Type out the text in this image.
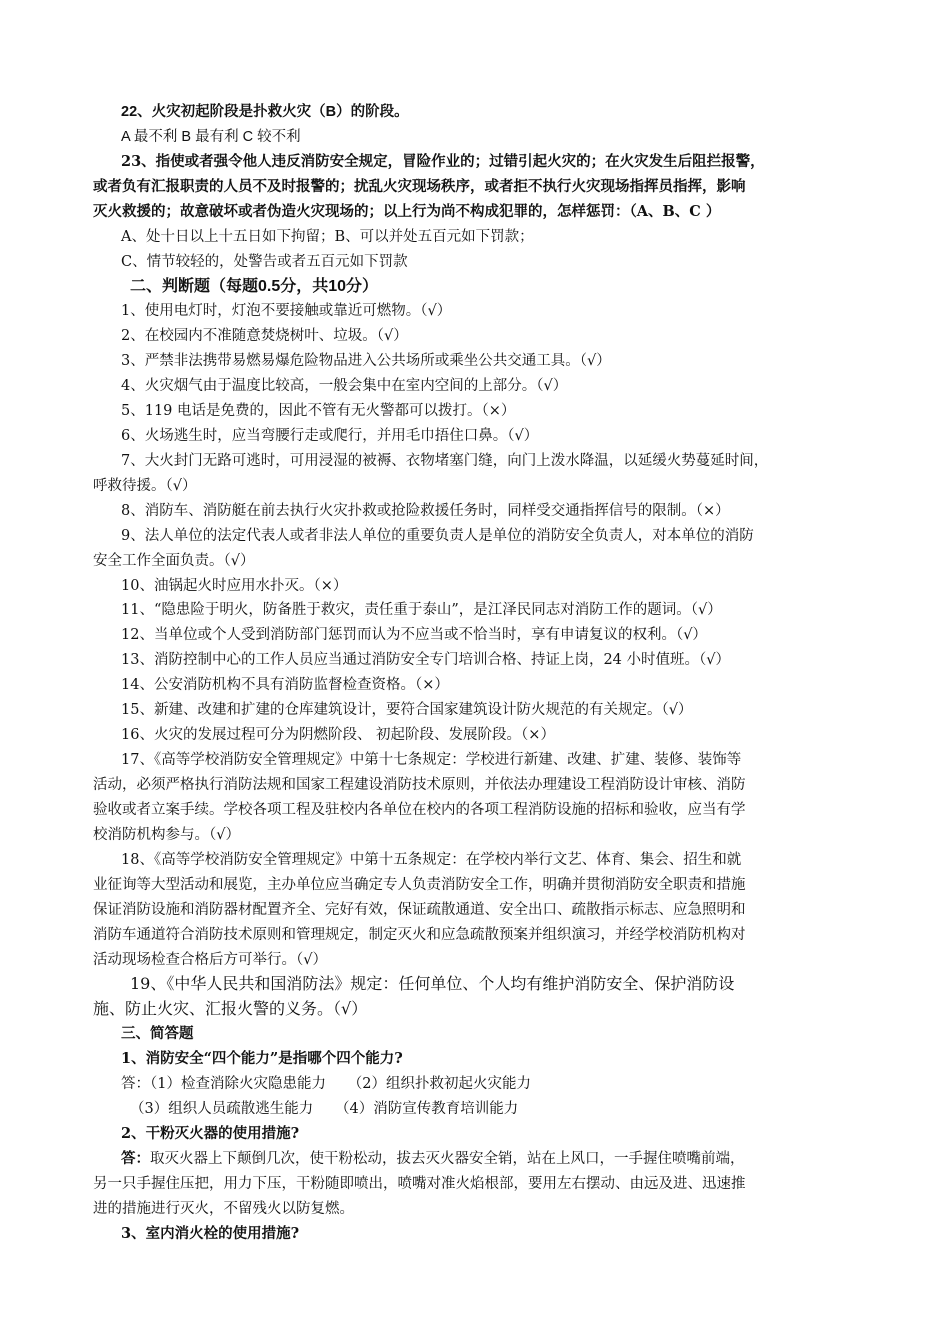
22、火灾初起阶段是扑救火灾（B）的阶段。
A 最不利 B 最有利 C 较不利
23、指使或者强令他人违反消防安全规定，冒险作业的；过错引起火灾的；在火灾发生后阻拦报警，
或者负有汇报职责的人员不及时报警的；扰乱火灾现场秩序，或者拒不执行火灾现场指挥员指挥，影响
灭火救援的；故意破坏或者伪造火灾现场的；以上行为尚不构成犯罪的，怎样惩罚：（A、B、C ）
A、处十日以上十五日如下拘留；B、可以并处五百元如下罚款；
C、情节较轻的，处警告或者五百元如下罚款
二、判断题（每题0.5分，共10分）
1、使用电灯时，灯泡不要接触或靠近可燃物。（√）
2、在校园内不准随意焚烧树叶、垃圾。（√）
3、严禁非法携带易燃易爆危险物品进入公共场所或乘坐公共交通工具。（√）
4、火灾烟气由于温度比较高，一般会集中在室内空间的上部分。（√）
5、119 电话是免费的，因此不管有无火警都可以拨打。（×）
6、火场逃生时，应当弯腰行走或爬行，并用毛巾捂住口鼻。（√）
7、大火封门无路可逃时，可用浸湿的被褥、衣物堵塞门缝，向门上泼水降温，以延缓火势蔓延时间，
呼救待援。（√）
8、消防车、消防艇在前去执行火灾扑救或抢险救援任务时，同样受交通指挥信号的限制。（×）
9、法人单位的法定代表人或者非法人单位的重要负责人是单位的消防安全负责人，对本单位的消防
安全工作全面负责。（√）
10、油锅起火时应用水扑灭。（×）
11、“隐患险于明火，防备胜于救灾，责任重于泰山”，是江泽民同志对消防工作的题词。（√）
12、当单位或个人受到消防部门惩罚而认为不应当或不恰当时，享有申请复议的权利。（√）
13、消防控制中心的工作人员应当通过消防安全专门培训合格、持证上岗，24 小时值班。（√）
14、公安消防机构不具有消防监督检查资格。（×）
15、新建、改建和扩建的仓库建筑设计，要符合国家建筑设计防火规范的有关规定。（√）
16、火灾的发展过程可分为阴燃阶段、 初起阶段、发展阶段。（×）
17、《高等学校消防安全管理规定》中第十七条规定：学校进行新建、改建、扩建、装修、装饰等
活动，必须严格执行消防法规和国家工程建设消防技术原则，并依法办理建设工程消防设计审核、消防
验收或者立案手续。学校各项工程及驻校内各单位在校内的各项工程消防设施的招标和验收，应当有学
校消防机构参与。（√）
18、《高等学校消防安全管理规定》中第十五条规定：在学校内举行文艺、体育、集会、招生和就
业征询等大型活动和展览，主办单位应当确定专人负责消防安全工作，明确并贯彻消防安全职责和措施
保证消防设施和消防器材配置齐全、完好有效，保证疏散通道、安全出口、疏散指示标志、应急照明和
消防车通道符合消防技术原则和管理规定，制定灭火和应急疏散预案并组织演习，并经学校消防机构对
活动现场检查合格后方可举行。（√）
19、《中华人民共和国消防法》规定：任何单位、个人均有维护消防安全、保护消防设
施、防止火灾、汇报火警的义务。（√）
三、简答题
1、消防安全“四个能力”是指哪个四个能力?
答：（1）检查消除火灾隐患能力　　（2）组织扑救初起火灾能力
（3）组织人员疏散逃生能力　　（4）消防宣传教育培训能力
2、干粉灭火器的使用措施?
答：取灭火器上下颠倒几次，使干粉松动，拔去灭火器安全销，站在上风口，一手握住喷嘴前端，
另一只手握住压把，用力下压，干粉随即喷出，喷嘴对准火焰根部，要用左右摆动、由远及进、迅速推
进的措施进行灭火，不留残火以防复燃。
3、室内消火栓的使用措施?
